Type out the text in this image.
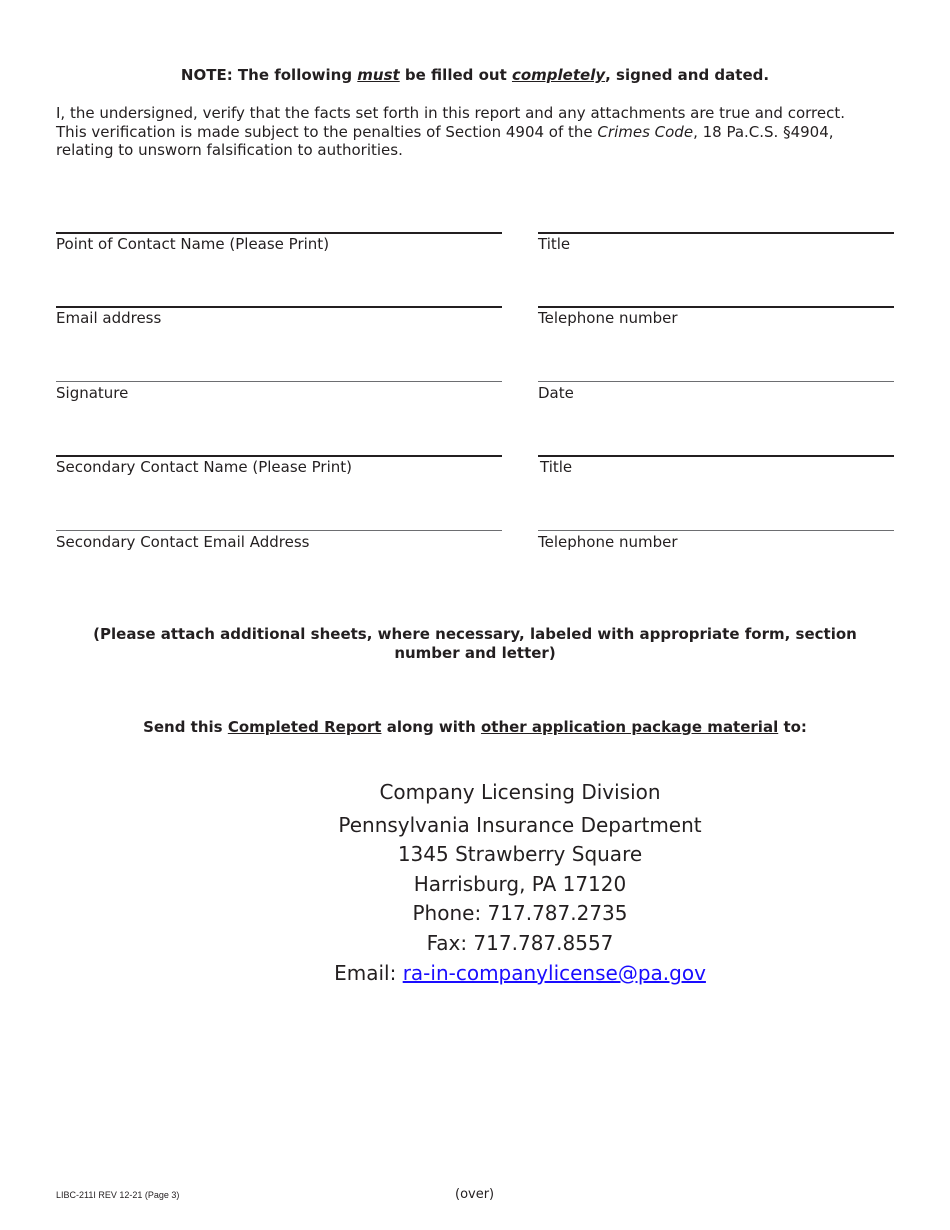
NOTE: The following must be filled out completely, signed and dated.

I, the undersigned, verify that the facts set forth in this report and any attachments are true and correct.

This verification is made subject to the penalties of Section 4904 of the Crimes Code, 18 Pa.C.S. §4904,

relating to unsworn falsification to authorities.

Point of Contact Name (Please Print)	Title
Email address	Telephone number
Signature	Date
Secondary Contact Name (Please Print)	Title
Secondary Contact Email Address	Telephone number
(Please attach additional sheets, where necessary, labeled with appropriate form, section number and letter)
Send this Completed Report along with other application package material to:
Company Licensing Division
Pennsylvania Insurance Department
1345 Strawberry Square
Harrisburg, PA 17120
Phone: 717.787.2735
Fax: 717.787.8557
Email: ra-in-companylicense@pa.gov
LIBC-211I REV 12-21 (Page 3)	(over)
